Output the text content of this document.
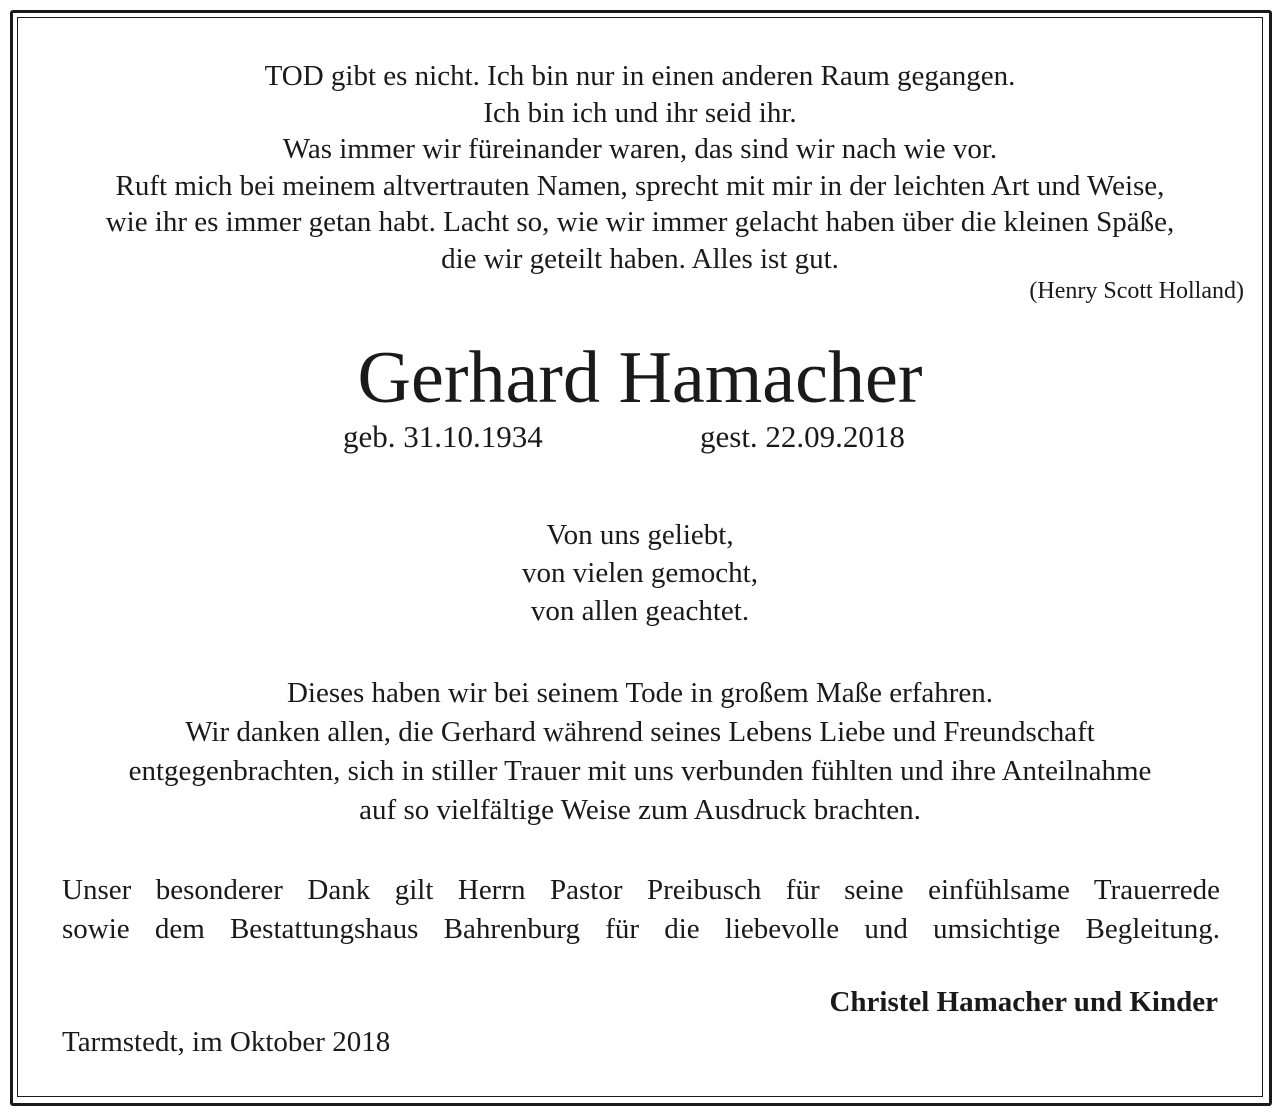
TOD gibt es nicht. Ich bin nur in einen anderen Raum gegangen.
Ich bin ich und ihr seid ihr.
Was immer wir füreinander waren, das sind wir nach wie vor.
Ruft mich bei meinem altvertrauten Namen, sprecht mit mir in der leichten Art und Weise,
wie ihr es immer getan habt. Lacht so, wie wir immer gelacht haben über die kleinen Späße,
die wir geteilt haben. Alles ist gut.
(Henry Scott Holland)
Gerhard Hamacher
geb. 31.10.1934	gest. 22.09.2018
Von uns geliebt,
von vielen gemocht,
von allen geachtet.
Dieses haben wir bei seinem Tode in großem Maße erfahren.
Wir danken allen, die Gerhard während seines Lebens Liebe und Freundschaft
entgegenbrachten, sich in stiller Trauer mit uns verbunden fühlten und ihre Anteilnahme
auf so vielfältige Weise zum Ausdruck brachten.
Unser besonderer Dank gilt Herrn Pastor Preibusch für seine einfühlsame Trauerrede
sowie dem Bestattungshaus Bahrenburg für die liebevolle und umsichtige Begleitung.
Christel Hamacher und Kinder
Tarmstedt, im Oktober 2018
